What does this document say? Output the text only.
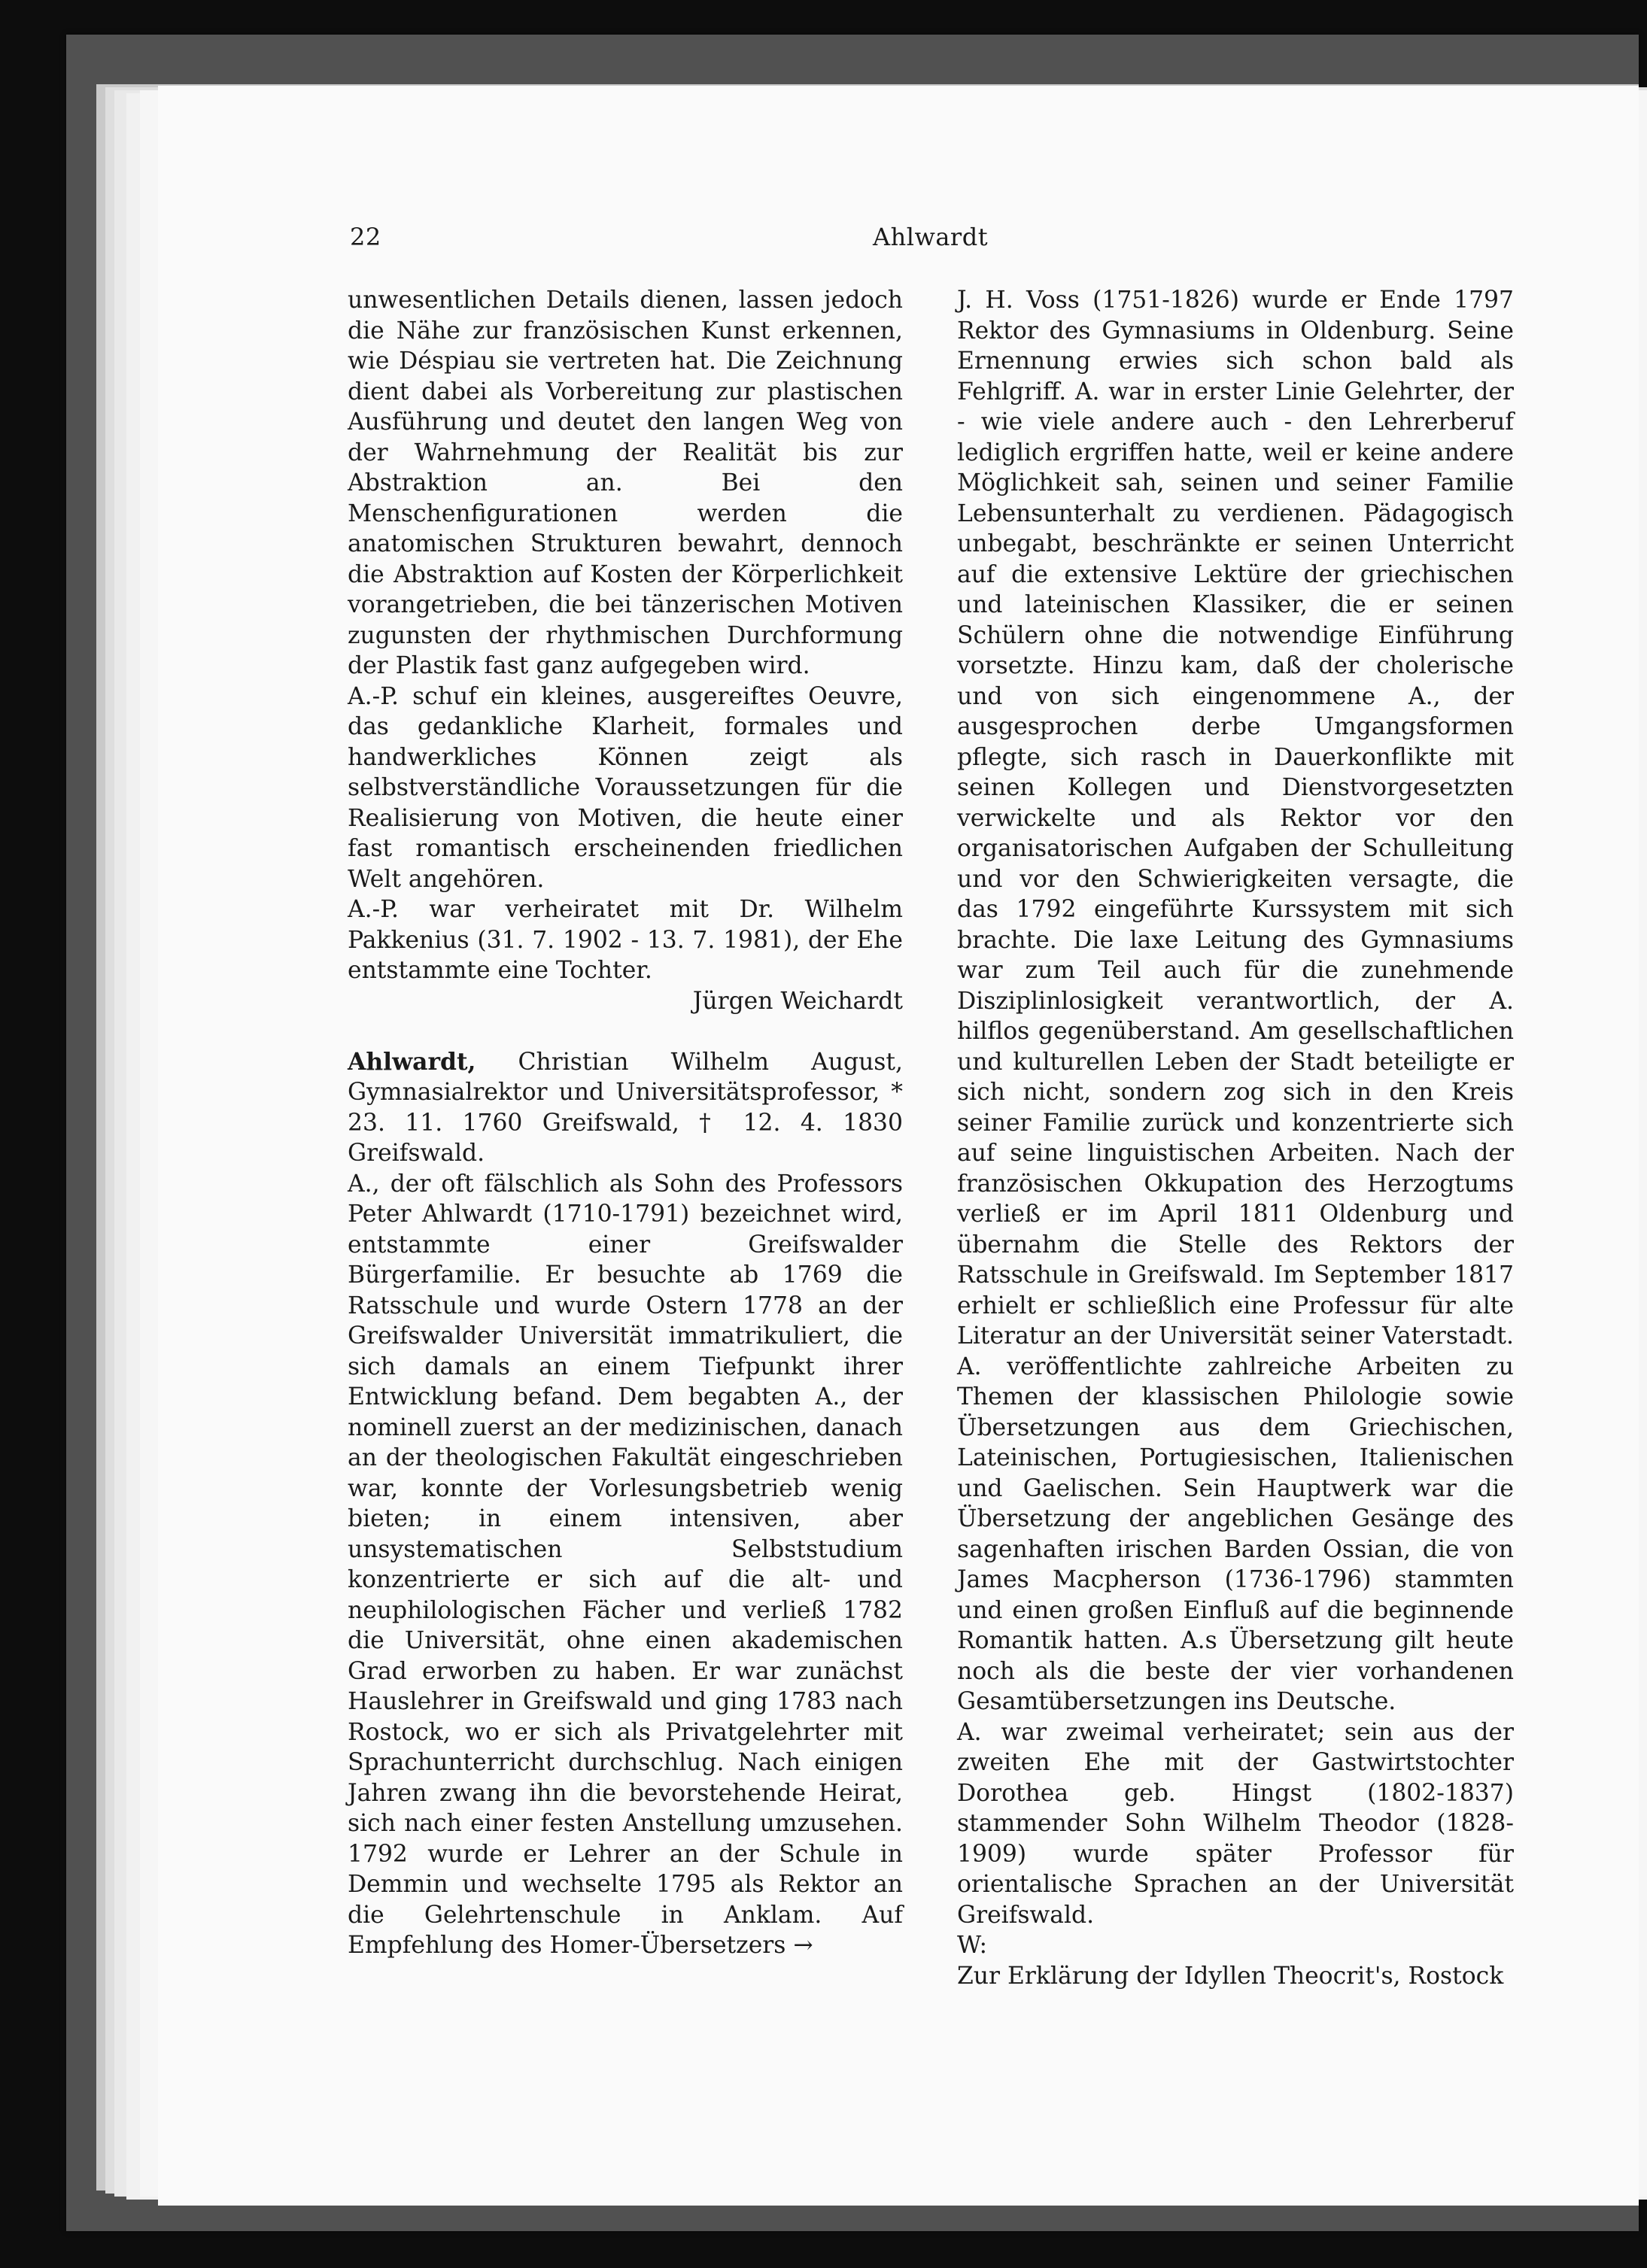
22	Ahlwardt

unwesentlichen Details dienen, lassen jedoch die Nähe zur französischen Kunst erkennen, wie Déspiau sie vertreten hat. Die Zeichnung dient dabei als Vorbereitung zur plastischen Ausführung und deutet den langen Weg von der Wahrnehmung der Realität bis zur Abstraktion an. Bei den Menschenfigurationen werden die anatomischen Strukturen bewahrt, dennoch die Abstraktion auf Kosten der Körperlichkeit vorangetrieben, die bei tänzerischen Motiven zugunsten der rhythmischen Durchformung der Plastik fast ganz aufgegeben wird.

A.-P. schuf ein kleines, ausgereiftes Oeuvre, das gedankliche Klarheit, formales und handwerkliches Können zeigt als selbstverständliche Voraussetzungen für die Realisierung von Motiven, die heute einer fast romantisch erscheinenden friedlichen Welt angehören.

A.-P. war verheiratet mit Dr. Wilhelm Pakkenius (31. 7. 1902 - 13. 7. 1981), der Ehe entstammte eine Tochter.

Jürgen Weichardt

Ahlwardt, Christian Wilhelm August, Gymnasialrektor und Universitätsprofessor, * 23. 11. 1760 Greifswald, † 12. 4. 1830 Greifswald.

A., der oft fälschlich als Sohn des Professors Peter Ahlwardt (1710-1791) bezeichnet wird, entstammte einer Greifswalder Bürgerfamilie. Er besuchte ab 1769 die Ratsschule und wurde Ostern 1778 an der Greifswalder Universität immatrikuliert, die sich damals an einem Tiefpunkt ihrer Entwicklung befand. Dem begabten A., der nominell zuerst an der medizinischen, danach an der theologischen Fakultät eingeschrieben war, konnte der Vorlesungsbetrieb wenig bieten; in einem intensiven, aber unsystematischen Selbststudium konzentrierte er sich auf die alt- und neuphilologischen Fächer und verließ 1782 die Universität, ohne einen akademischen Grad erworben zu haben. Er war zunächst Hauslehrer in Greifswald und ging 1783 nach Rostock, wo er sich als Privatgelehrter mit Sprachunterricht durchschlug. Nach einigen Jahren zwang ihn die bevorstehende Heirat, sich nach einer festen Anstellung umzusehen. 1792 wurde er Lehrer an der Schule in Demmin und wechselte 1795 als Rektor an die Gelehrtenschule in Anklam. Auf Empfehlung des Homer-Übersetzers →

J. H. Voss (1751-1826) wurde er Ende 1797 Rektor des Gymnasiums in Oldenburg. Seine Ernennung erwies sich schon bald als Fehlgriff. A. war in erster Linie Gelehrter, der - wie viele andere auch - den Lehrerberuf lediglich ergriffen hatte, weil er keine andere Möglichkeit sah, seinen und seiner Familie Lebensunterhalt zu verdienen. Pädagogisch unbegabt, beschränkte er seinen Unterricht auf die extensive Lektüre der griechischen und lateinischen Klassiker, die er seinen Schülern ohne die notwendige Einführung vorsetzte. Hinzu kam, daß der cholerische und von sich eingenommene A., der ausgesprochen derbe Umgangsformen pflegte, sich rasch in Dauerkonflikte mit seinen Kollegen und Dienstvorgesetzten verwickelte und als Rektor vor den organisatorischen Aufgaben der Schulleitung und vor den Schwierigkeiten versagte, die das 1792 eingeführte Kurssystem mit sich brachte. Die laxe Leitung des Gymnasiums war zum Teil auch für die zunehmende Disziplinlosigkeit verantwortlich, der A. hilflos gegenüberstand. Am gesellschaftlichen und kulturellen Leben der Stadt beteiligte er sich nicht, sondern zog sich in den Kreis seiner Familie zurück und konzentrierte sich auf seine linguistischen Arbeiten. Nach der französischen Okkupation des Herzogtums verließ er im April 1811 Oldenburg und übernahm die Stelle des Rektors der Ratsschule in Greifswald. Im September 1817 erhielt er schließlich eine Professur für alte Literatur an der Universität seiner Vaterstadt. A. veröffentlichte zahlreiche Arbeiten zu Themen der klassischen Philologie sowie Übersetzungen aus dem Griechischen, Lateinischen, Portugiesischen, Italienischen und Gaelischen. Sein Hauptwerk war die Übersetzung der angeblichen Gesänge des sagenhaften irischen Barden Ossian, die von James Macpherson (1736-1796) stammten und einen großen Einfluß auf die beginnende Romantik hatten. A.s Übersetzung gilt heute noch als die beste der vier vorhandenen Gesamtübersetzungen ins Deutsche.

A. war zweimal verheiratet; sein aus der zweiten Ehe mit der Gastwirtstochter Dorothea geb. Hingst (1802-1837) stammender Sohn Wilhelm Theodor (1828-1909) wurde später Professor für orientalische Sprachen an der Universität Greifswald.

W:

Zur Erklärung der Idyllen Theocrit's, Rostock
